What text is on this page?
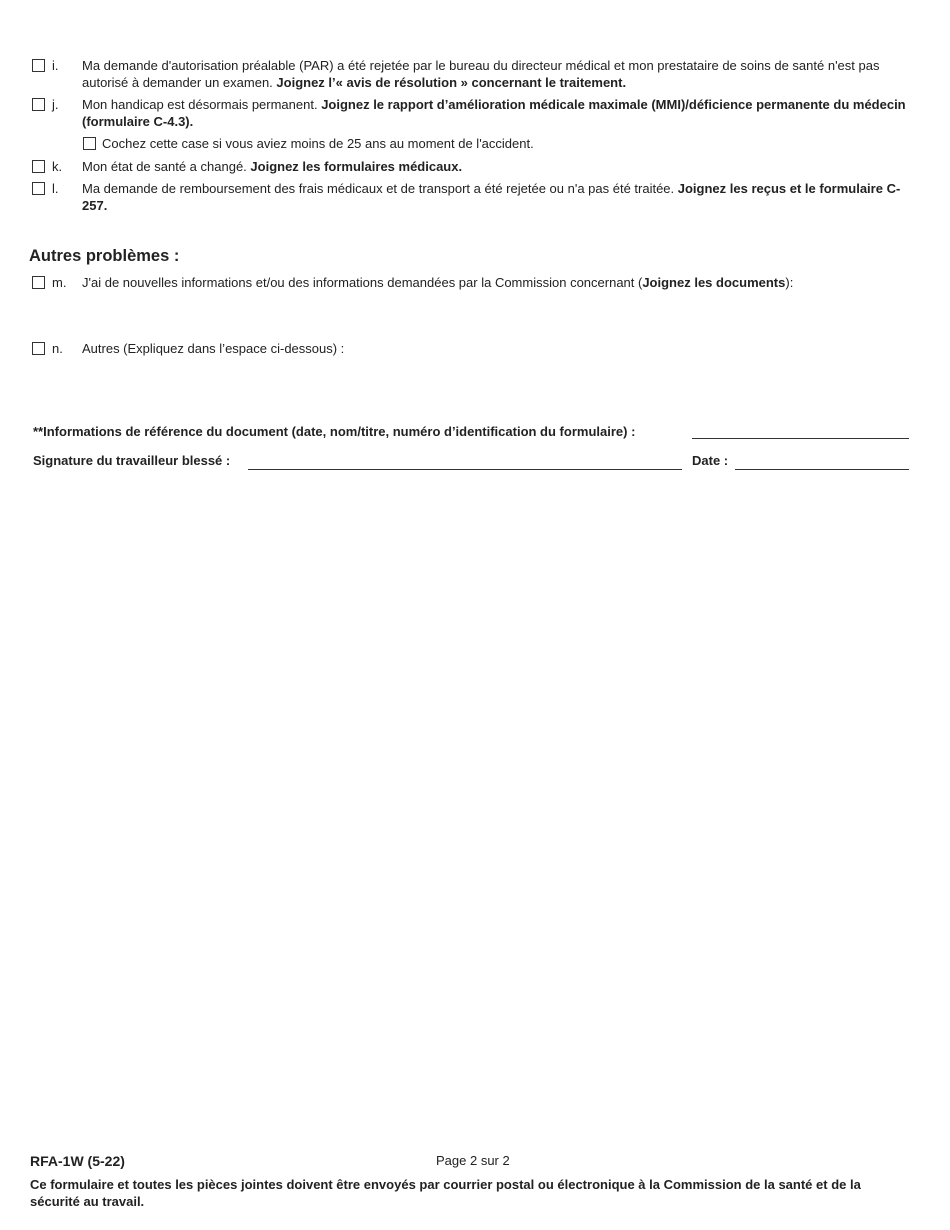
i. Ma demande d'autorisation préalable (PAR) a été rejetée par le bureau du directeur médical et mon prestataire de soins de santé n'est pas autorisé à demander un examen. Joignez l’« avis de résolution » concernant le traitement.
j. Mon handicap est désormais permanent. Joignez le rapport d’amélioration médicale maximale (MMI)/déficience permanente du médecin (formulaire C-4.3).
Cochez cette case si vous aviez moins de 25 ans au moment de l'accident.
k. Mon état de santé a changé. Joignez les formulaires médicaux.
l. Ma demande de remboursement des frais médicaux et de transport a été rejetée ou n'a pas été traitée. Joignez les reçus et le formulaire C-257.
Autres problèmes :
m. J'ai de nouvelles informations et/ou des informations demandées par la Commission concernant (Joignez les documents):
n. Autres (Expliquez dans l’espace ci-dessous) :
**Informations de référence du document (date, nom/titre, numéro d’identification du formulaire) :
Signature du travailleur blessé :	Date :
RFA-1W (5-22)	Page 2 sur 2
Ce formulaire et toutes les pièces jointes doivent être envoyés par courrier postal ou électronique à la Commission de la santé et de la sécurité au travail.
